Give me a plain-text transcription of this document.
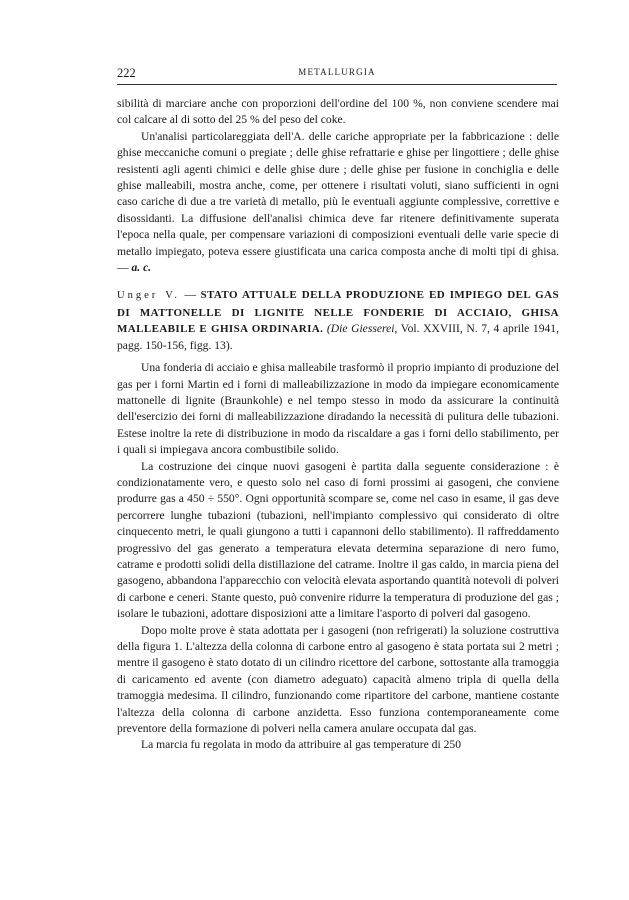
222	METALLURGIA

sibilità di marciare anche con proporzioni dell'ordine del 100 %, non conviene scendere mai col calcare al di sotto del 25 % del peso del coke.

Un'analisi particolareggiata dell'A. delle cariche appropriate per la fabbricazione : delle ghise meccaniche comuni o pregiate ; delle ghise refrattarie e ghise per lingottiere ; delle ghise resistenti agli agenti chimici e delle ghise dure ; delle ghise per fusione in conchiglia e delle ghise malleabili, mostra anche, come, per ottenere i risultati voluti, siano sufficienti in ogni caso cariche di due a tre varietà di metallo, più le eventuali aggiunte complessive, correttive e disossidanti. La diffusione dell'analisi chimica deve far ritenere definitivamente superata l'epoca nella quale, per compensare variazioni di composizioni eventuali delle varie specie di metallo impiegato, poteva essere giustificata una carica composta anche di molti tipi di ghisa. — a. c.

Unger V. — STATO ATTUALE DELLA PRODUZIONE ED IMPIEGO DEL GAS DI MATTONELLE DI LIGNITE NELLE FONDERIE DI ACCIAIO, GHISA MALLEABILE E GHISA ORDINARIA. (Die Giesserei, Vol. XXVIII, N. 7, 4 aprile 1941, pagg. 150-156, figg. 13).

Una fonderia di acciaio e ghisa malleabile trasformò il proprio impianto di produzione del gas per i forni Martin ed i forni di malleabilizzazione in modo da impiegare economicamente mattonelle di lignite (Braunkohle) e nel tempo stesso in modo da assicurare la continuità dell'esercizio dei forni di malleabilizzazione diradando la necessità di pulitura delle tubazioni. Estese inoltre la rete di distribuzione in modo da riscaldare a gas i forni dello stabilimento, per i quali si impiegava ancora combustibile solido.

La costruzione dei cinque nuovi gasogeni è partita dalla seguente considerazione : è condizionatamente vero, e questo solo nel caso di forni prossimi ai gasogeni, che conviene produrre gas a 450 ÷ 550°. Ogni opportunità scompare se, come nel caso in esame, il gas deve percorrere lunghe tubazioni (tubazioni, nell'impianto complessivo qui considerato di oltre cinquecento metri, le quali giungono a tutti i capannoni dello stabilimento). Il raffreddamento progressivo del gas generato a temperatura elevata determina separazione di nero fumo, catrame e prodotti solidi della distillazione del catrame. Inoltre il gas caldo, in marcia piena del gasogeno, abbandona l'apparecchio con velocità elevata asportando quantità notevoli di polveri di carbone e ceneri. Stante questo, può convenire ridurre la temperatura di produzione del gas ; isolare le tubazioni, adottare disposizioni atte a limitare l'asporto di polveri dal gasogeno.

Dopo molte prove è stata adottata per i gasogeni (non refrigerati) la soluzione costruttiva della figura 1. L'altezza della colonna di carbone entro al gasogeno è stata portata sui 2 metri ; mentre il gasogeno è stato dotato di un cilindro ricettore del carbone, sottostante alla tramoggia di caricamento ed avente (con diametro adeguato) capacità almeno tripla di quella della tramoggia medesima. Il cilindro, funzionando come ripartitore del carbone, mantiene costante l'altezza della colonna di carbone anzidetta. Esso funziona contemporaneamente come preventore della formazione di polveri nella camera anulare occupata dal gas.

La marcia fu regolata in modo da attribuire al gas temperature di 250
